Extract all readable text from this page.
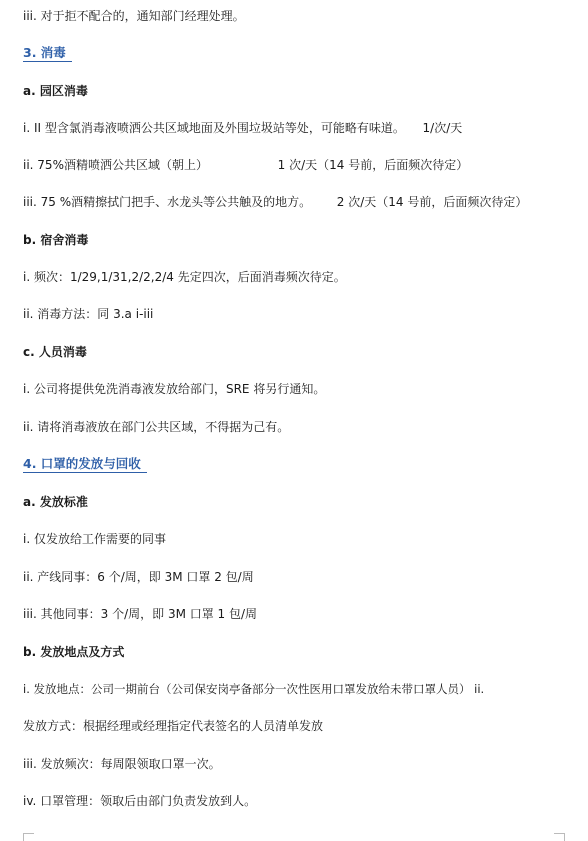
iii. 对于拒不配合的，通知部门经理处理。
3. 消毒
a. 园区消毒
i. II 型含氯消毒液喷洒公共区域地面及外围垃圾站等处，可能略有味道。 1/次/天
ii. 75%酒精喷洒公共区域（朝上）	1 次/天（14 号前，后面频次待定）
iii. 75 %酒精擦拭门把手、水龙头等公共触及的地方。 2 次/天（14 号前，后面频次待定）
b. 宿舍消毒
i. 频次：1/29,1/31,2/2,2/4 先定四次，后面消毒频次待定。
ii. 消毒方法：同 3.a i-iii
c. 人员消毒
i. 公司将提供免洗消毒液发放给部门，SRE 将另行通知。
ii. 请将消毒液放在部门公共区域，不得据为己有。
4. 口罩的发放与回收
a. 发放标准
i. 仅发放给工作需要的同事
ii. 产线同事：6 个/周，即 3M 口罩 2 包/周
iii. 其他同事：3 个/周，即 3M 口罩 1 包/周
b. 发放地点及方式
i. 发放地点：公司一期前台（公司保安岗亭备部分一次性医用口罩发放给未带口罩人员） ii.
发放方式：根据经理或经理指定代表签名的人员清单发放
iii. 发放频次：每周限领取口罩一次。
iv. 口罩管理：领取后由部门负责发放到人。
